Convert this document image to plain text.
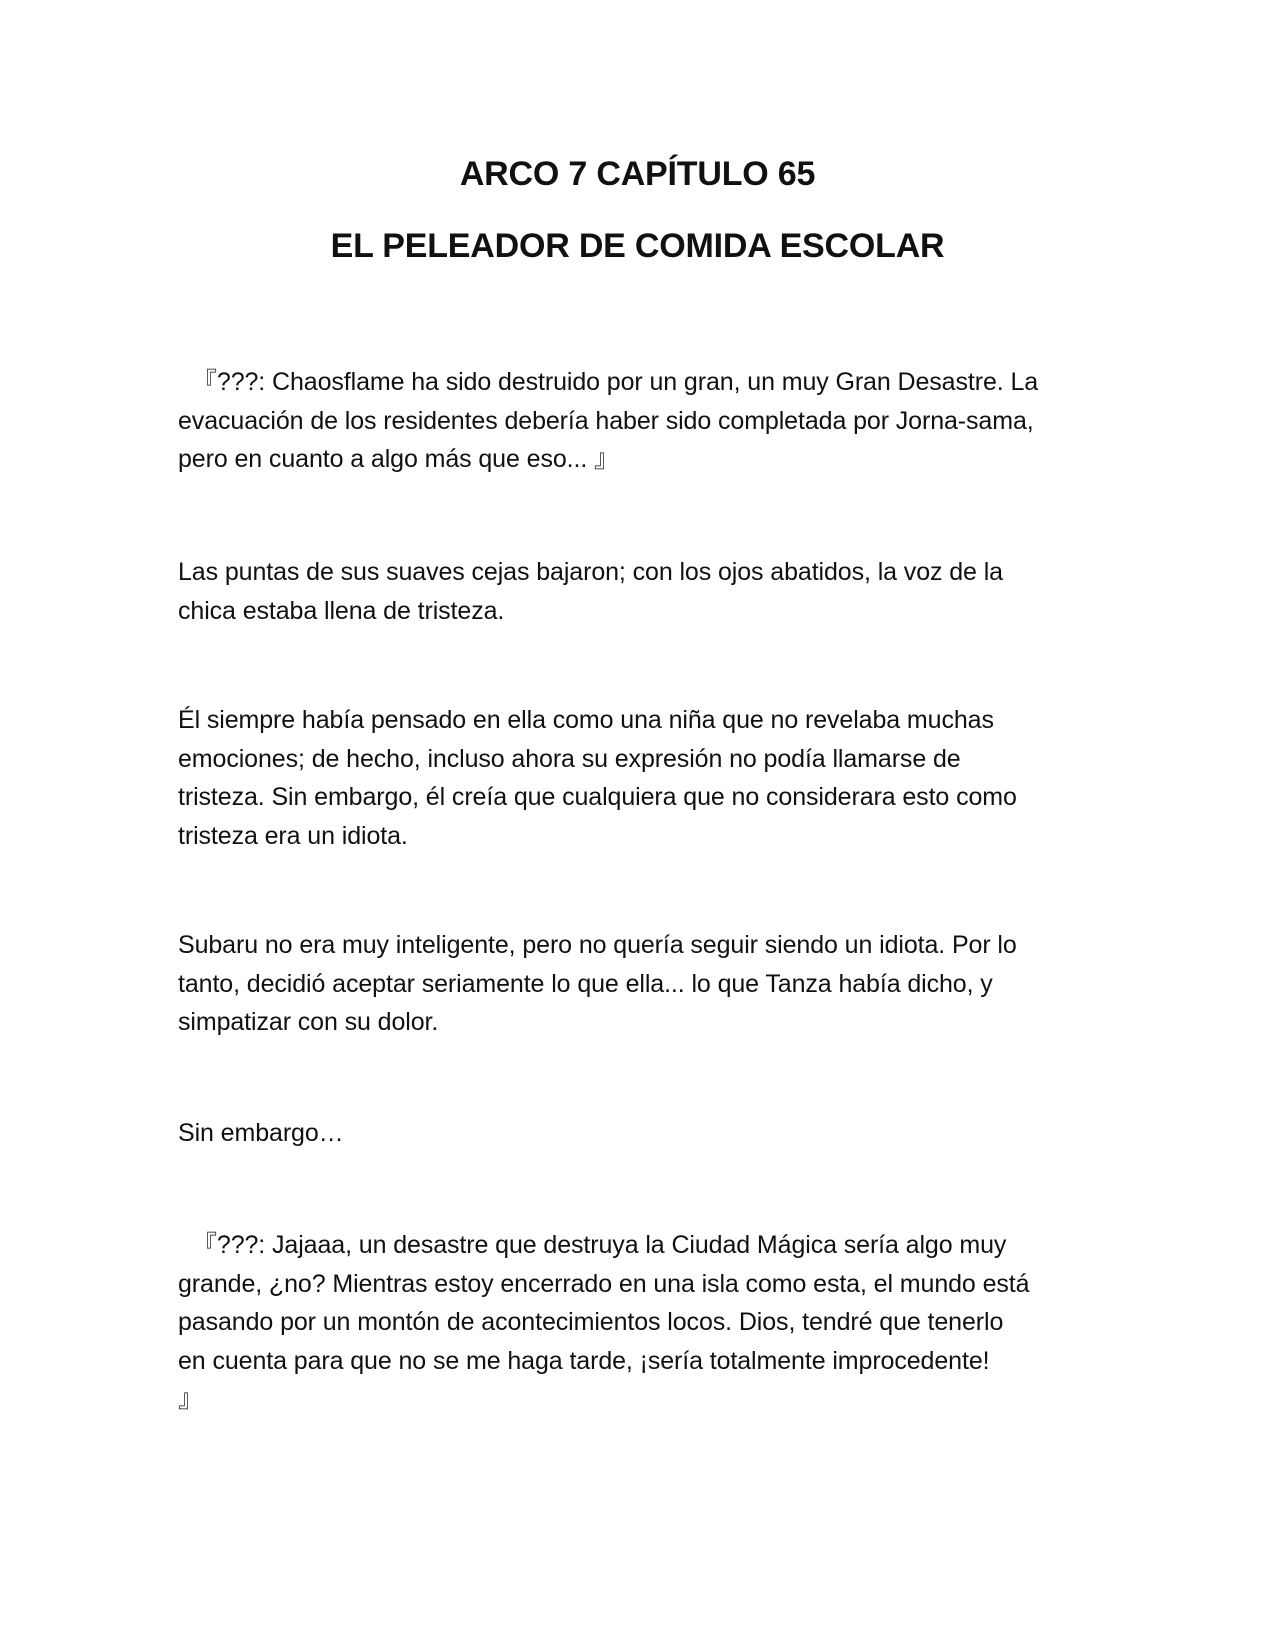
ARCO 7 CAPÍTULO 65
EL PELEADOR DE COMIDA ESCOLAR

『???: Chaosflame ha sido destruido por un gran, un muy Gran Desastre. La

evacuación de los residentes debería haber sido completada por Jorna-sama,

pero en cuanto a algo más que eso... 』

Las puntas de sus suaves cejas bajaron; con los ojos abatidos, la voz de la

chica estaba llena de tristeza.

Él siempre había pensado en ella como una niña que no revelaba muchas

emociones; de hecho, incluso ahora su expresión no podía llamarse de

tristeza. Sin embargo, él creía que cualquiera que no considerara esto como

tristeza era un idiota.

Subaru no era muy inteligente, pero no quería seguir siendo un idiota. Por lo

tanto, decidió aceptar seriamente lo que ella... lo que Tanza había dicho, y

simpatizar con su dolor.

Sin embargo…

『???: Jajaaa, un desastre que destruya la Ciudad Mágica sería algo muy

grande, ¿no? Mientras estoy encerrado en una isla como esta, el mundo está

pasando por un montón de acontecimientos locos. Dios, tendré que tenerlo

en cuenta para que no se me haga tarde, ¡sería totalmente improcedente!

』
